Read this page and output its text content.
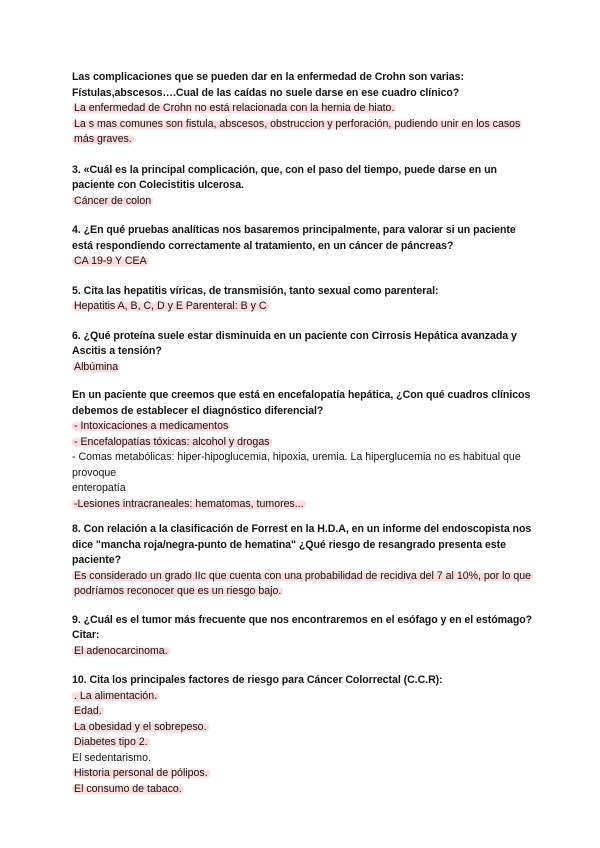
Las complicaciones que se pueden dar en la enfermedad de Crohn son varias: Fístulas,abscesos….Cual de las caídas no suele darse en ese cuadro clínico?

La enfermedad de Crohn no está relacionada con la hernia de hiato.

La s mas comunes son fistula, abscesos, obstruccion y perforación, pudiendo unir en los casos más graves.

3. «Cuál es la principal complicación, que, con el paso del tiempo, puede darse en un paciente con Colecistitis ulcerosa.

Cáncer de colon

4. ¿En qué pruebas analíticas nos basaremos principalmente, para valorar si un paciente está respondiendo correctamente al tratamiento, en un cáncer de páncreas?

CA 19-9 Y CEA

5. Cita las hepatitis víricas, de transmisión, tanto sexual como parenteral:

Hepatitis A, B, C, D y E Parenteral: B y C

6. ¿Qué proteína suele estar disminuida en un paciente con Cirrosis Hepática avanzada y Ascitis a tensión?

Albúmina

En un paciente que creemos que está en encefalopatía hepática, ¿Con qué cuadros clínicos debemos de establecer el diagnóstico diferencial?

- Intoxicaciones a medicamentos

- Encefalopatías tóxicas: alcohol y drogas

- Comas metabólicas: hiper-hipoglucemia, hipoxia, uremia. La hiperglucemia no es habitual que provoque

enteropatía

-Lesiones intracraneales: hematomas, tumores...

8. Con relación a la clasificación de Forrest en la H.D.A, en un informe del endoscopista nos dice "mancha roja/negra-punto de hematina" ¿Qué riesgo de resangrado presenta este paciente?

Es considerado un grado IIc que cuenta con una probabilidad de recidiva del 7 al 10%, por lo que podríamos reconocer que es un riesgo bajo.

9. ¿Cuál es el tumor más frecuente que nos encontraremos en el esófago y en el estómago? Citar:

El adenocarcinoma.

10. Cita los principales factores de riesgo para Cáncer Colorrectal (C.C.R):

. La alimentación.

Edad.

La obesidad y el sobrepeso.

Diabetes tipo 2.

El sedentarismo.

Historia personal de pólipos.

El consumo de tabaco.
